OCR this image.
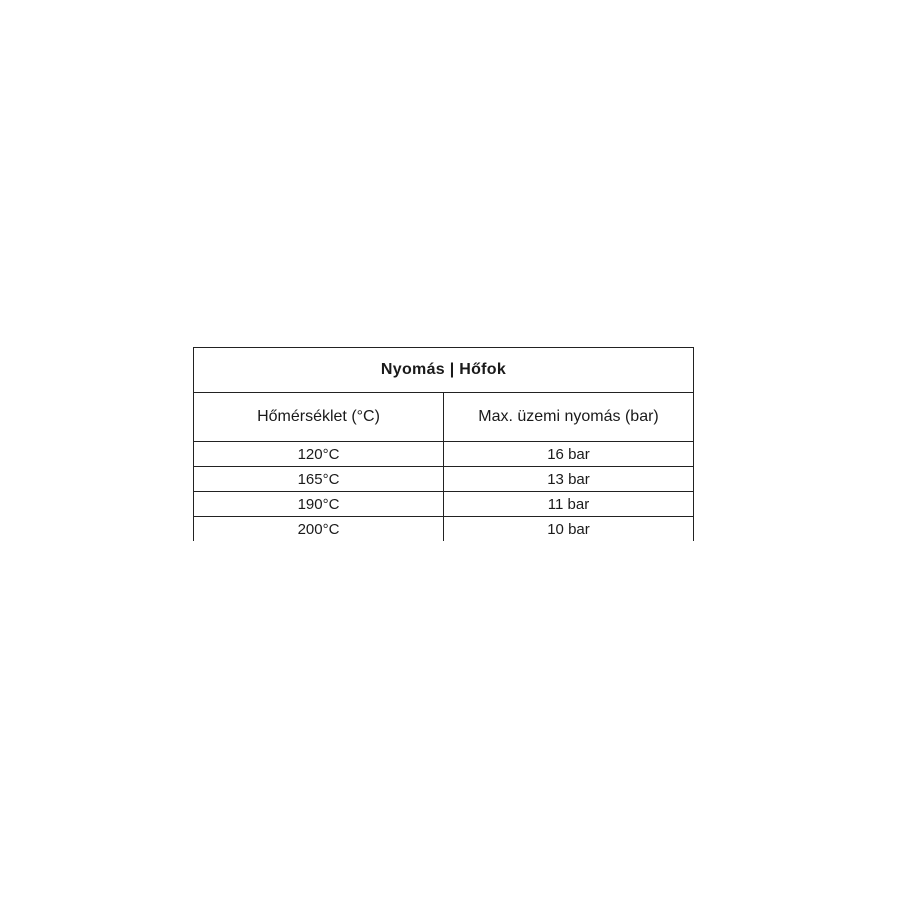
Nyomás | Hőfok	
Hőmérséklet (°C)	Max. üzemi nyomás (bar)
120°C	16 bar
165°C	13 bar
190°C	11 bar
200°C	10 bar
